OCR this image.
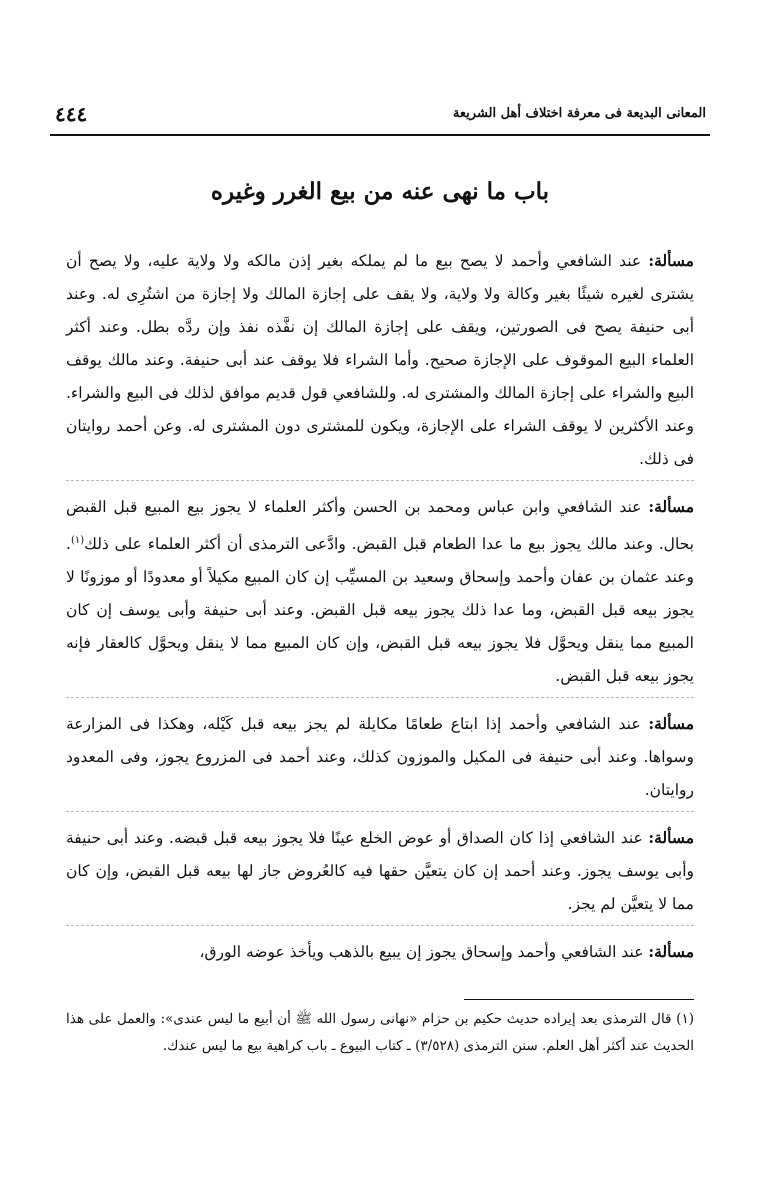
٤٤٤	المعانى البديعة فى معرفة اختلاف أهل الشريعة
باب ما نهى عنه من بيع الغرر وغيره

مسألة: عند الشافعي وأحمد لا يصح بيع ما لم يملكه بغير إذن مالكه ولا ولاية عليه، ولا يصح أن يشترى لغيره شيئًا بغير وكالة ولا ولاية، ولا يقف على إجازة المالك ولا إجازة من اشتُرِى له. وعند أبى حنيفة يصح فى الصورتين، ويقف على إجازة المالك إن نفَّذه نفذ وإن ردَّه بطل. وعند أكثر العلماء البيع الموقوف على الإجازة صحيح. وأما الشراء فلا يوقف عند أبى حنيفة. وعند مالك يوقف البيع والشراء على إجازة المالك والمشترى له. وللشافعي قول قديم موافق لذلك فى البيع والشراء. وعند الأكثرين لا يوقف الشراء على الإجازة، ويكون للمشترى دون المشترى له. وعن أحمد روايتان فى ذلك.

مسألة: عند الشافعي وابن عباس ومحمد بن الحسن وأكثر العلماء لا يجوز بيع المبيع قبل القبض بحال. وعند مالك يجوز بيع ما عدا الطعام قبل القبض. وادَّعى الترمذى أن أكثر العلماء على ذلك$^{(١)}$. وعند عثمان بن عفان وأحمد وإسحاق وسعيد بن المسيِّب إن كان المبيع مكيلاً أو معدودًا أو موزونًا لا يجوز بيعه قبل القبض، وما عدا ذلك يجوز بيعه قبل القبض. وعند أبى حنيفة وأبى يوسف إن كان المبيع مما ينقل ويحوَّل فلا يجوز بيعه قبل القبض، وإن كان المبيع مما لا ينقل ويحوَّل كالعقار فإنه يجوز بيعه قبل القبض.

مسألة: عند الشافعي وأحمد إذا ابتاع طعامًا مكايلة لم يجز بيعه قبل كَيْله، وهكذا فى المزارعة وسواها. وعند أبى حنيفة فى المكيل والموزون كذلك، وعند أحمد فى المزروع يجوز، وفى المعدود روايتان.

مسألة: عند الشافعي إذا كان الصداق أو عوض الخلع عينًا فلا يجوز بيعه قبل قبضه. وعند أبى حنيفة وأبى يوسف يجوز. وعند أحمد إن كان يتعيَّن حقها فيه كالعُروض جاز لها بيعه قبل القبض، وإن كان مما لا يتعيَّن لم يجز.

مسألة: عند الشافعي وأحمد وإسحاق يجوز إن يبيع بالذهب ويأخذ عوضه الورق،

(١) قال الترمذى بعد إيراده حديث حكيم بن حزام «نهانى رسول الله ﷺ أن أبيع ما ليس عندى»: والعمل على هذا الحديث عند أكثر أهل العلم. سنن الترمذى (٣/٥٢٨) ـ كتاب البيوع ـ باب كراهية بيع ما ليس عندك.
